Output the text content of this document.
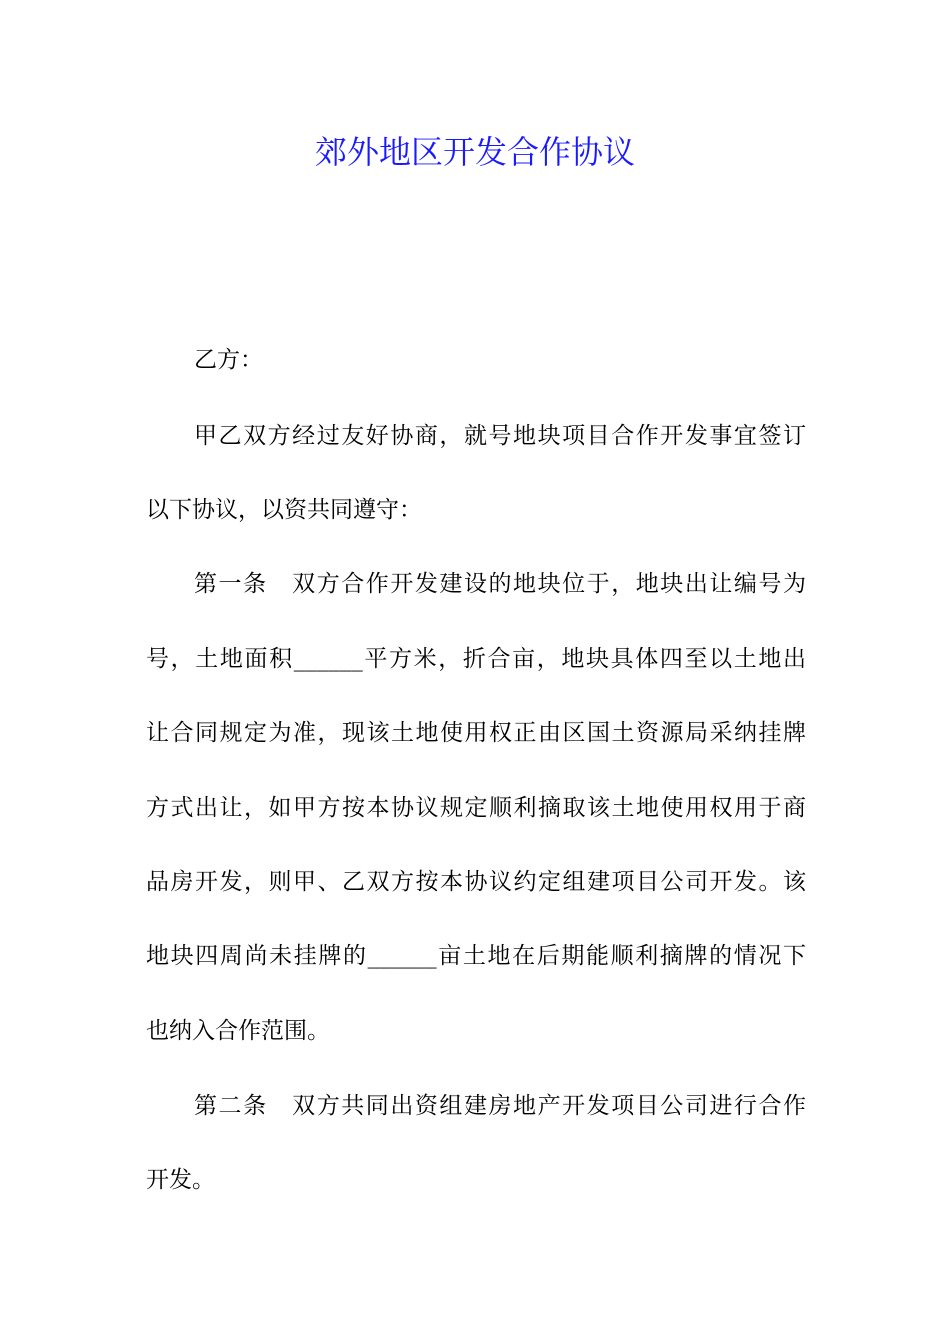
郊外地区开发合作协议

乙方：

甲乙双方经过友好协商，就号地块项目合作开发事宜签订

以下协议，以资共同遵守：

第一条　双方合作开发建设的地块位于，地块出让编号为

号，土地面积______平方米，折合亩，地块具体四至以土地出

让合同规定为准，现该土地使用权正由区国土资源局采纳挂牌

方式出让，如甲方按本协议规定顺利摘取该土地使用权用于商

品房开发，则甲、乙双方按本协议约定组建项目公司开发。该

地块四周尚未挂牌的______亩土地在后期能顺利摘牌的情况下

也纳入合作范围。

第二条　双方共同出资组建房地产开发项目公司进行合作

开发。
